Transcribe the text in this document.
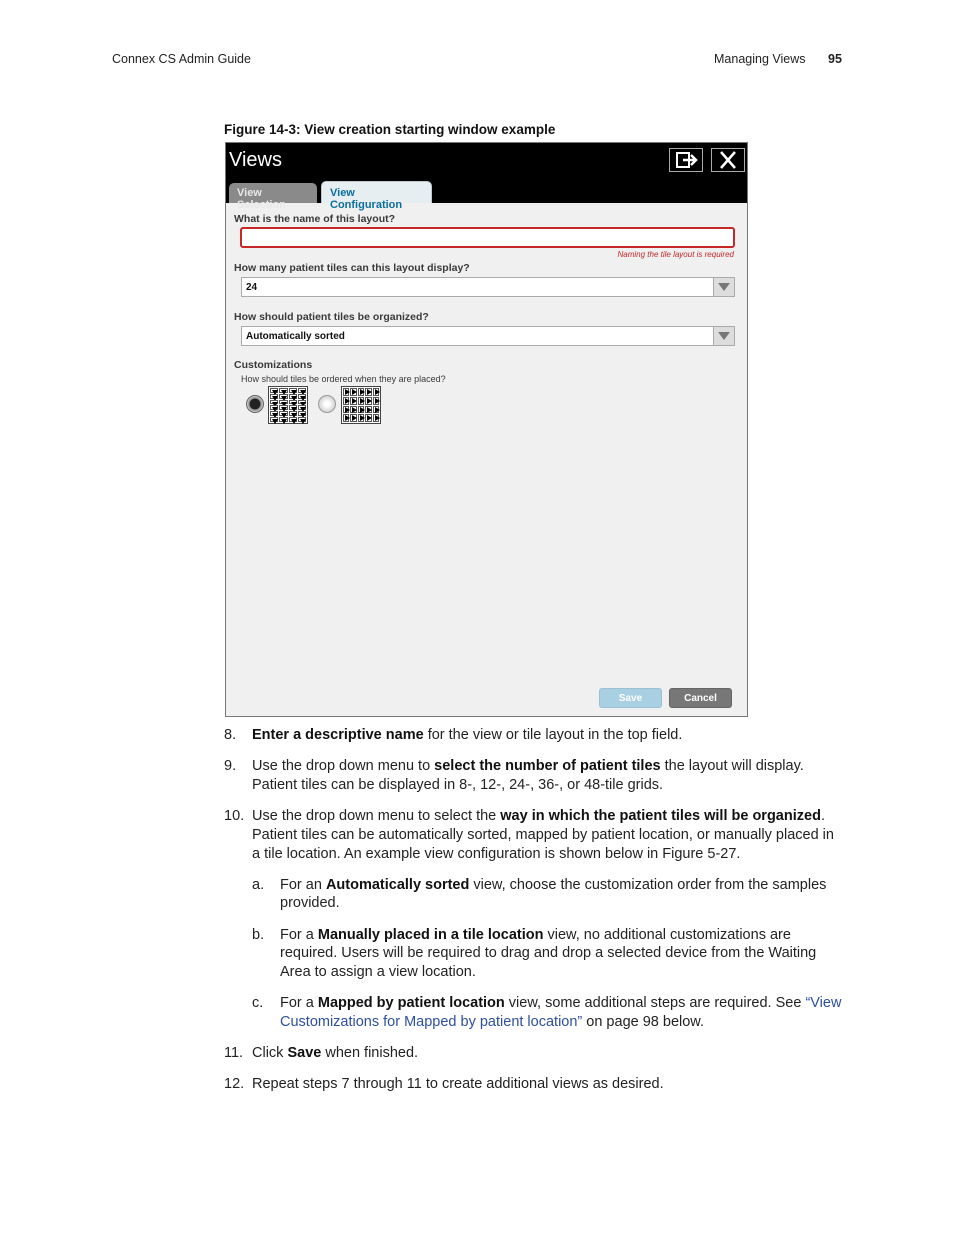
Connex CS Admin Guide	Managing Views 95
Figure 14-3: View creation starting window example
Views
View Selection
View Configuration
What is the name of this layout?
Naming the tile layout is required
How many patient tiles can this layout display?
24
How should patient tiles be organized?
Automatically sorted
Customizations
How should tiles be ordered when they are placed?
Save	Cancel
8. Enter a descriptive name for the view or tile layout in the top field.
9. Use the drop down menu to select the number of patient tiles the layout will display. Patient tiles can be displayed in 8-, 12-, 24-, 36-, or 48-tile grids.
10. Use the drop down menu to select the way in which the patient tiles will be organized. Patient tiles can be automatically sorted, mapped by patient location, or manually placed in a tile location. An example view configuration is shown below in Figure 5-27.
a. For an Automatically sorted view, choose the customization order from the samples provided.
b. For a Manually placed in a tile location view, no additional customizations are required. Users will be required to drag and drop a selected device from the Waiting Area to assign a view location.
c. For a Mapped by patient location view, some additional steps are required. See “View Customizations for Mapped by patient location” on page 98 below.
11. Click Save when finished.
12. Repeat steps 7 through 11 to create additional views as desired.
